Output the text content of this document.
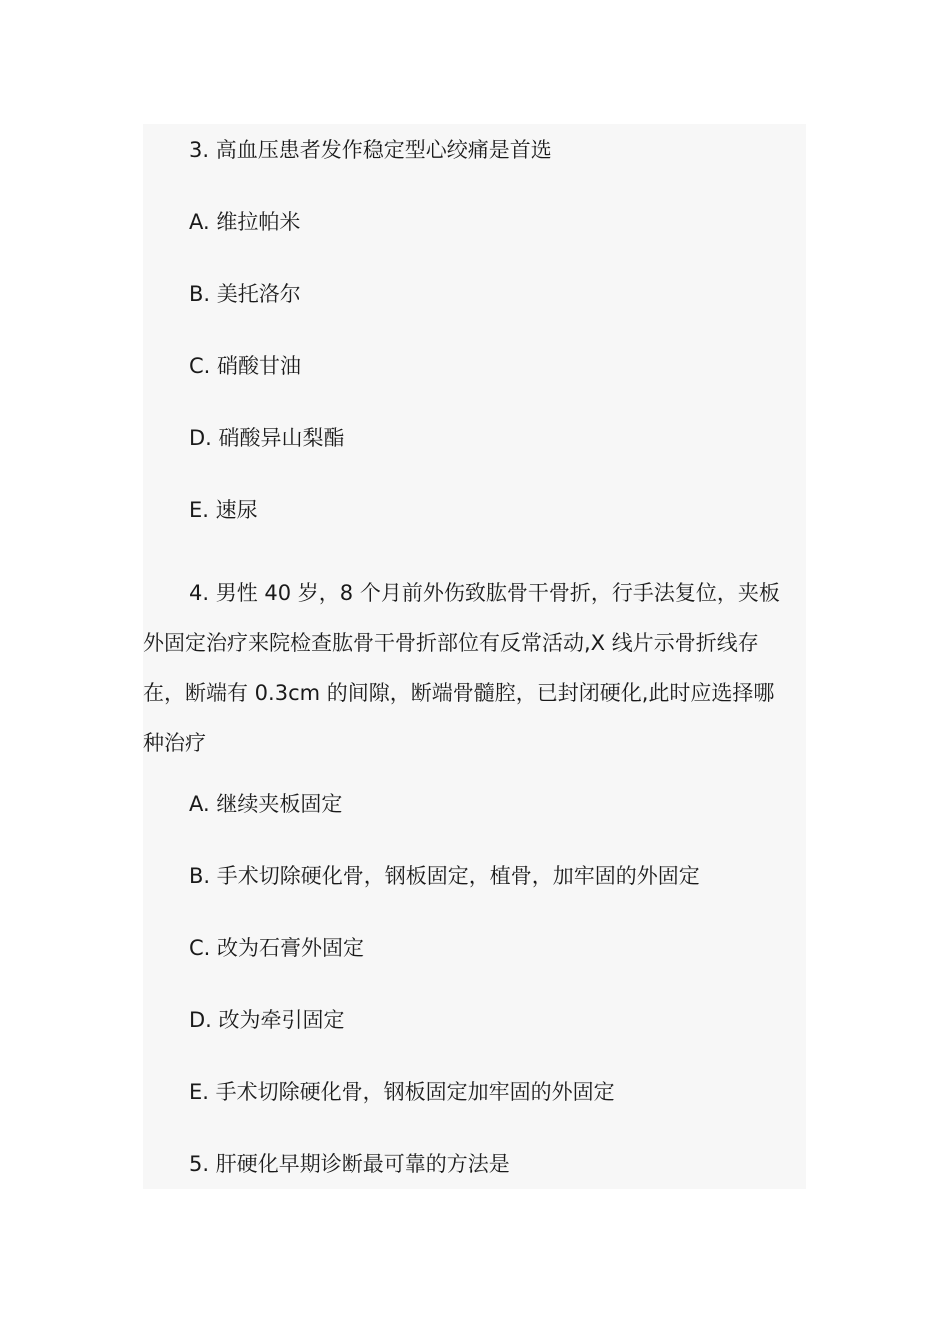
3. 高血压患者发作稳定型心绞痛是首选
A. 维拉帕米
B. 美托洛尔
C. 硝酸甘油
D. 硝酸异山梨酯
E. 速尿
4. 男性 40 岁，8 个月前外伤致肱骨干骨折，行手法复位，夹板
外固定治疗来院检查肱骨干骨折部位有反常活动,X 线片示骨折线存
在，断端有 0.3cm 的间隙，断端骨髓腔，已封闭硬化,此时应选择哪
种治疗
A. 继续夹板固定
B. 手术切除硬化骨，钢板固定，植骨，加牢固的外固定
C. 改为石膏外固定
D. 改为牵引固定
E. 手术切除硬化骨，钢板固定加牢固的外固定
5. 肝硬化早期诊断最可靠的方法是
